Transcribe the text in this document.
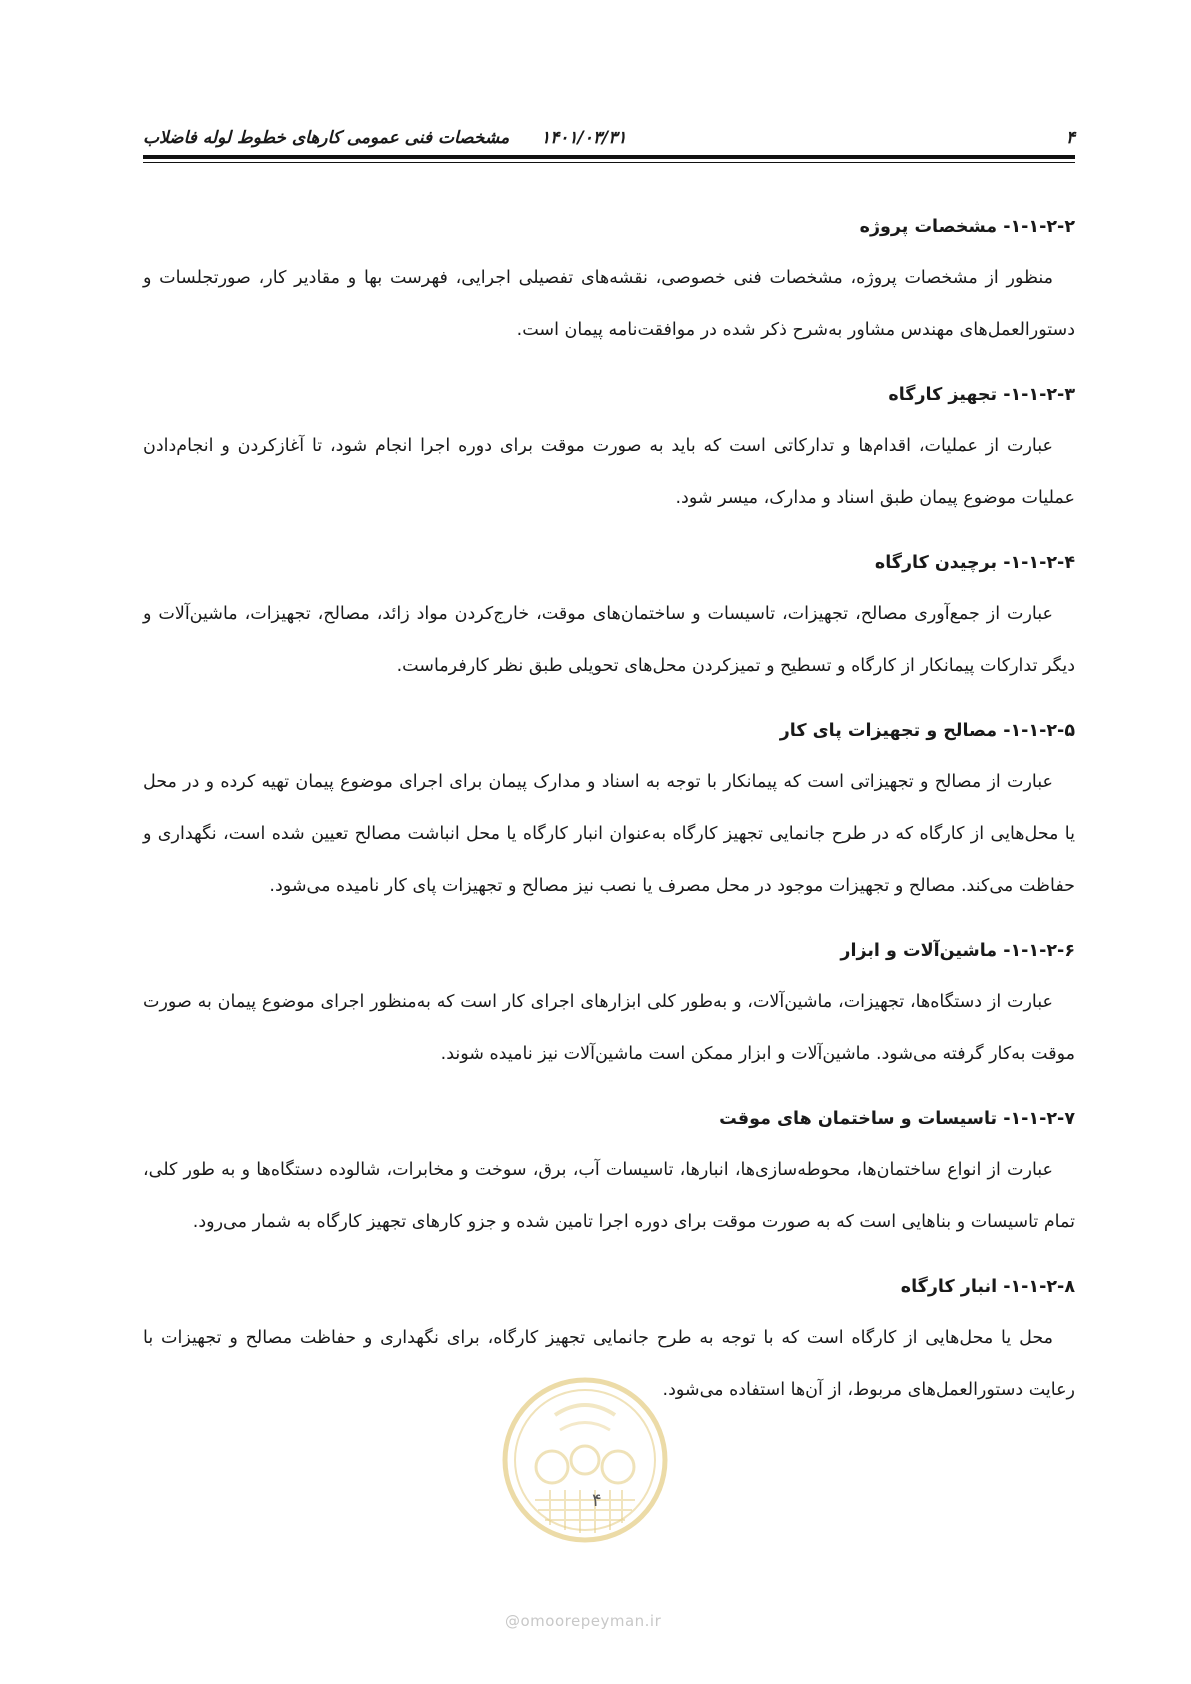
۴
۱۴۰۱/۰۳/۳۱
مشخصات فنی عمومی کارهای خطوط لوله فاضلاب
۱-۱-۲-۲- مشخصات پروژه

منظور از مشخصات پروژه، مشخصات فنی خصوصی، نقشه‌های تفصیلی اجرایی، فهرست بها و مقادیر کار، صورتجلسات و دستورالعمل‌های مهندس مشاور به‌شرح ذکر شده در موافقت‌نامه پیمان است.

۱-۱-۲-۳- تجهیز کارگاه

عبارت از عملیات، اقدام‌ها و تدارکاتی است که باید به صورت موقت برای دوره اجرا انجام شود، تا آغازکردن و انجام‌دادن عملیات موضوع پیمان طبق اسناد و مدارک، میسر شود.

۱-۱-۲-۴- برچیدن کارگاه

عبارت از جمع‌آوری مصالح، تجهیزات، تاسیسات و ساختمان‌های موقت، خارج‌کردن مواد زائد، مصالح، تجهیزات، ماشین‌آلات و دیگر تدارکات پیمانکار از کارگاه و تسطیح و تمیزکردن محل‌های تحویلی طبق نظر کارفرماست.

۱-۱-۲-۵- مصالح و تجهیزات پای کار

عبارت از مصالح و تجهیزاتی است که پیمانکار با توجه به اسناد و مدارک پیمان برای اجرای موضوع پیمان تهیه کرده و در محل یا محل‌هایی از کارگاه که در طرح جانمایی تجهیز کارگاه به‌عنوان انبار کارگاه یا محل انباشت مصالح تعیین شده است، نگهداری و حفاظت می‌کند. مصالح و تجهیزات موجود در محل مصرف یا نصب نیز مصالح و تجهیزات پای کار نامیده می‌شود.

۱-۱-۲-۶- ماشین‌آلات و ابزار

عبارت از دستگاه‌ها، تجهیزات، ماشین‌آلات، و به‌طور کلی ابزارهای اجرای کار است که به‌منظور اجرای موضوع پیمان به صورت موقت به‌کار گرفته می‌شود. ماشین‌آلات و ابزار ممکن است ماشین‌آلات نیز نامیده شوند.

۱-۱-۲-۷- تاسیسات و ساختمان های موقت

عبارت از انواع ساختمان‌ها، محوطه‌سازی‌ها، انبارها، تاسیسات آب، برق، سوخت و مخابرات، شالوده دستگاه‌ها و به طور کلی، تمام تاسیسات و بناهایی است که به صورت موقت برای دوره اجرا تامین شده و جزو کارهای تجهیز کارگاه به شمار می‌رود.

۱-۱-۲-۸- انبار کارگاه

محل یا محل‌هایی از کارگاه است که با توجه به طرح جانمایی تجهیز کارگاه، برای نگهداری و حفاظت مصالح و تجهیزات با رعایت دستورالعمل‌های مربوط، از آن‌ها استفاده می‌شود.

۴
@omoorepeyman.ir
